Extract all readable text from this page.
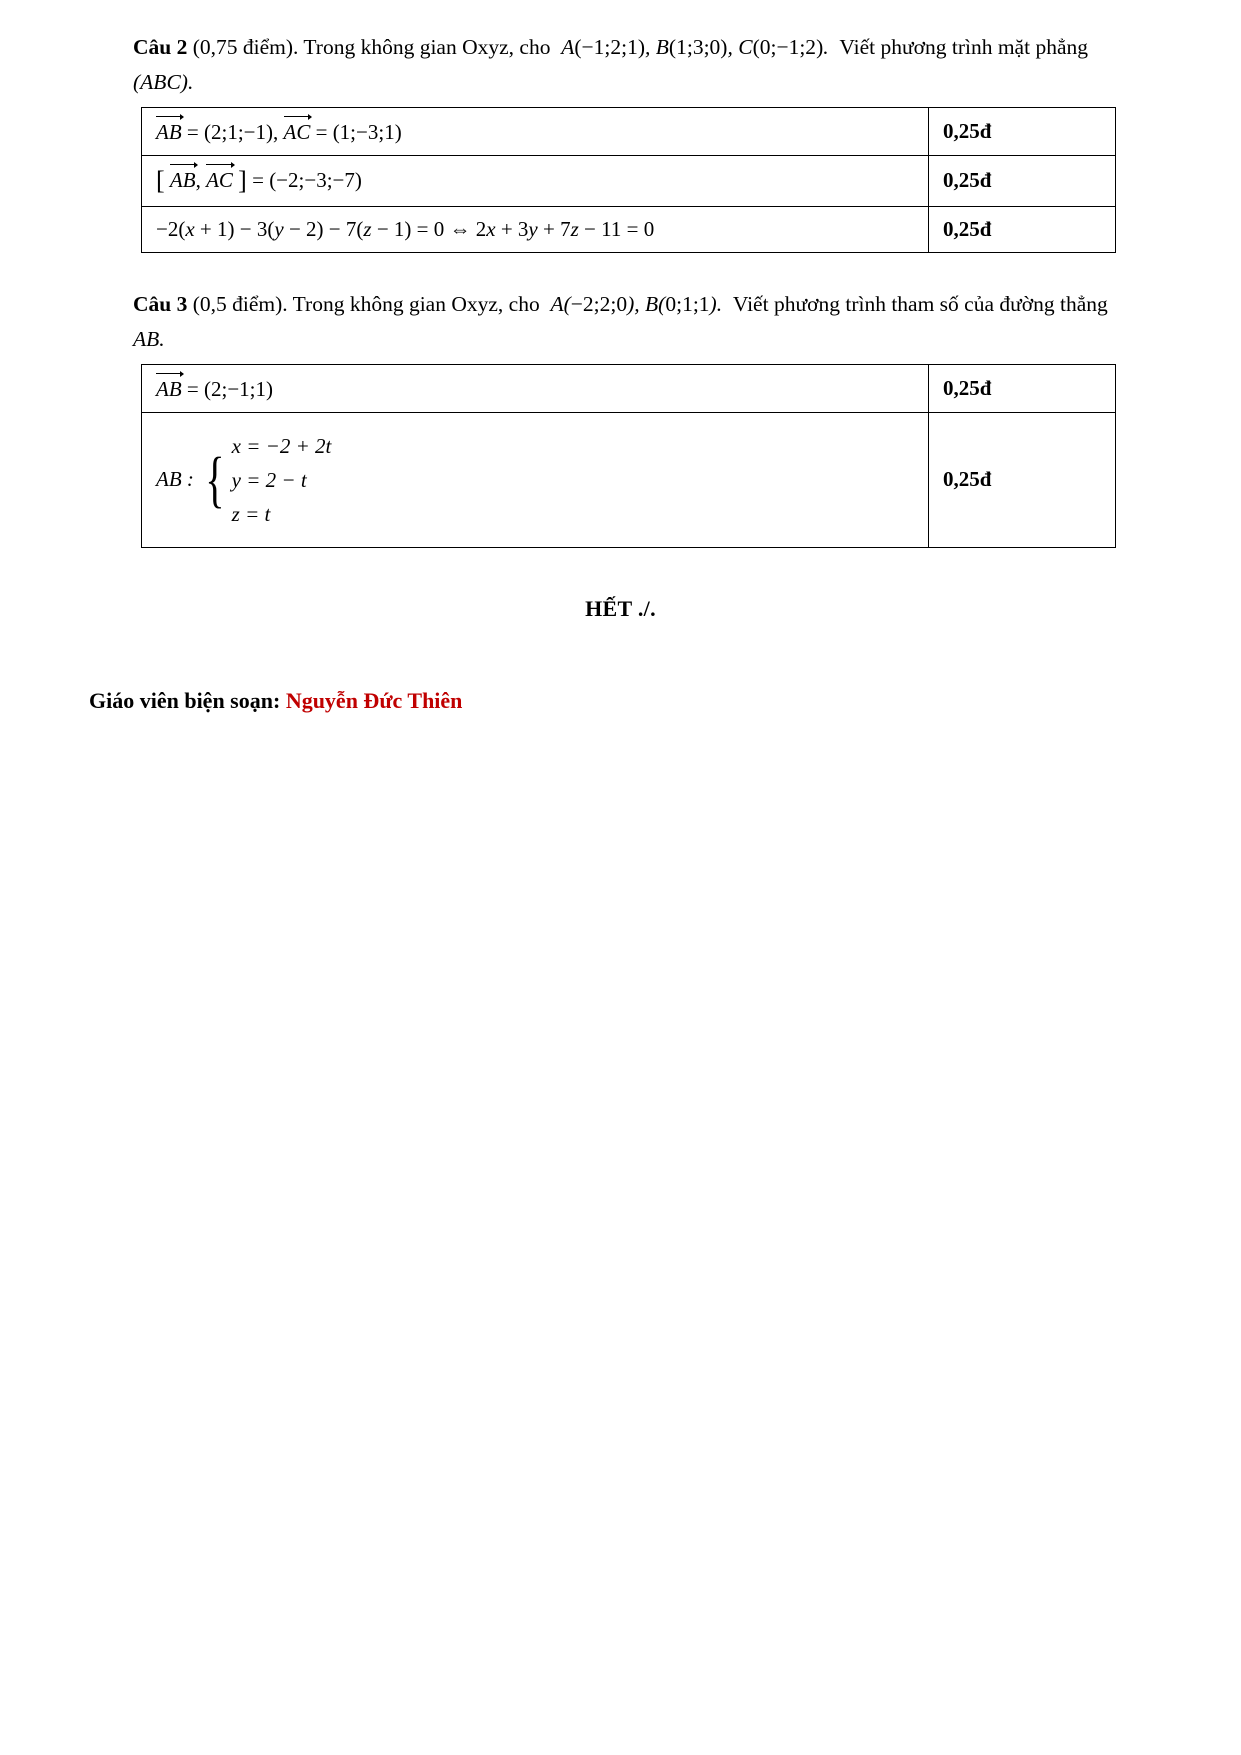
Câu 2 (0,75 điểm). Trong không gian Oxyz, cho A(−1;2;1), B(1;3;0), C(0;−1;2). Viết phương trình mặt phẳng (ABC).

AB = (2;1;−1), AC = (1;−3;1)	0,25đ
[ AB, AC ] = (−2;−3;−7)	0,25đ
−2(x + 1) − 3(y − 2) − 7(z − 1) = 0 ⇔ 2x + 3y + 7z − 11 = 0	0,25đ

Câu 3 (0,5 điểm). Trong không gian Oxyz, cho A(−2;2;0), B(0;1;1). Viết phương trình tham số của đường thẳng AB.

AB = (2;−1;1)	0,25đ

AB : { x = −2 + 2t
y = 2 − t
z = t	0,25đ

HẾT ./.

Giáo viên biện soạn: Nguyễn Đức Thiên
